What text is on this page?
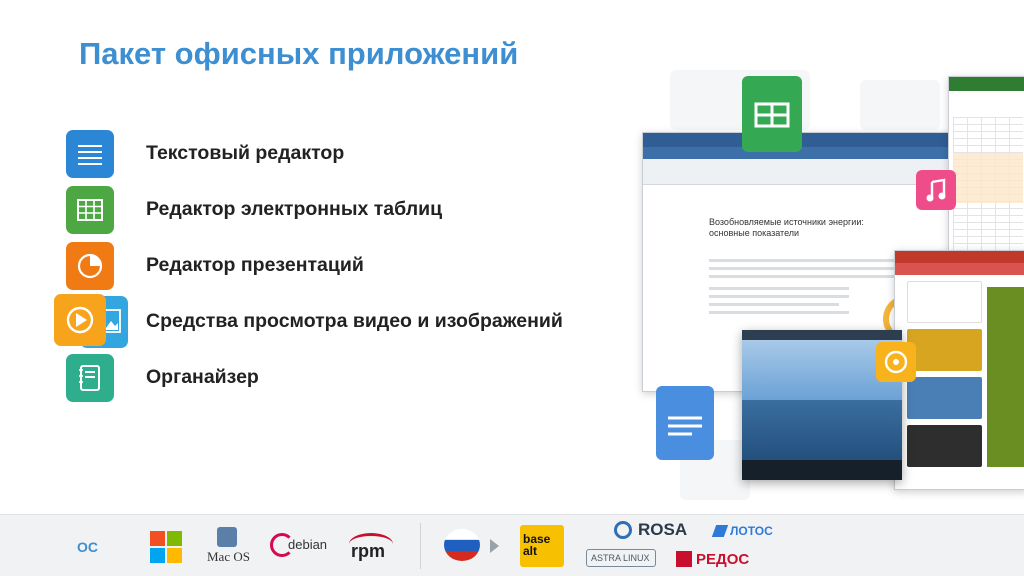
Пакет офисных приложений
Текстовый редактор
Редактор электронных таблиц
Редактор презентаций
Средства просмотра видео и изображений
Органайзер
Возобновляемые источники энергии: основные показатели
ОС
Mac OS
debian rpm
base alt
ROSA	ЛОТОС
ASTRA LINUX	РЕДОС
